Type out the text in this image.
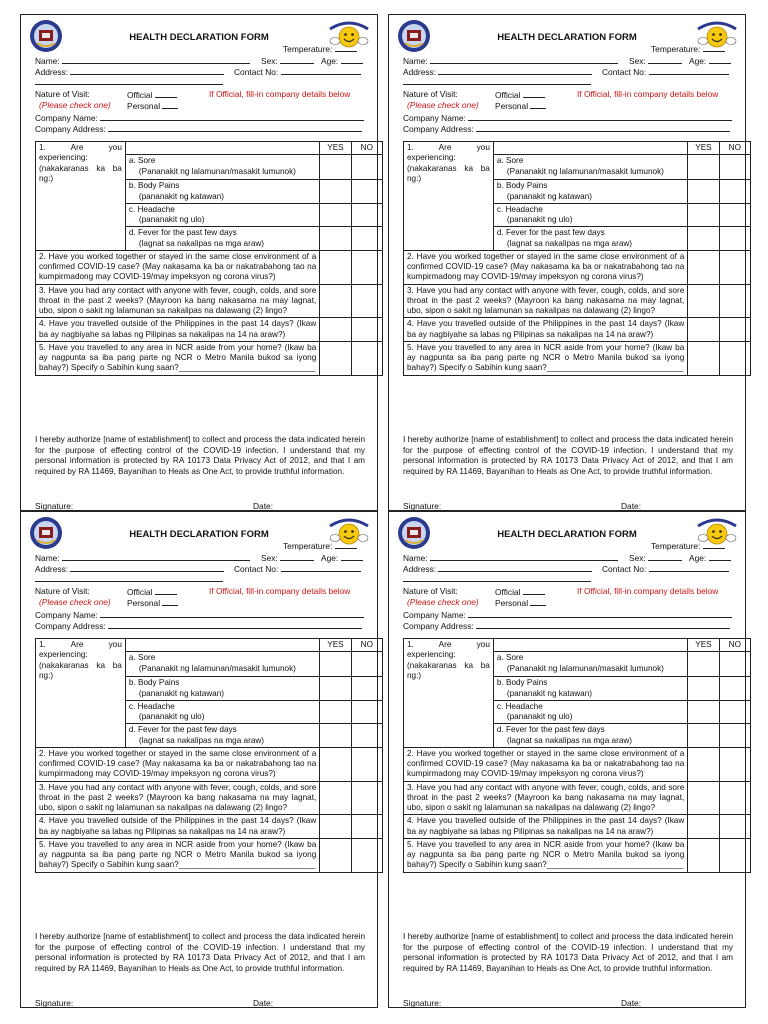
HEALTH DECLARATION FORM
Temperature:
Name:	Sex:	Age:
Address:	Contact No:
Nature of Visit:
(Please check one)
Official
Personal
If Official, fill-in company details below
Company Name:
Company Address:
1. Are you experiencing: (nakakaranas ka ba ng:)		YES	NO
	a. Sore
(Pananakit ng lalamunan/masakit lumunok)		

	b. Body Pains
(pananakit ng katawan)		

	c. Headache
(pananakit ng ulo)		

	d. Fever for the past few days
(lagnat sa nakalipas na mga araw)		

2. Have you worked together or stayed in the same close environment of a confirmed COVID-19 case? (May nakasama ka ba or nakatrabahong tao na kumpirmadong may COVID-19/may impeksyon ng corona virus?)			
3. Have you had any contact with anyone with fever, cough, colds, and sore throat in the past 2 weeks? (Mayroon ka bang nakasama na may lagnat, ubo, sipon o sakit ng lalamunan sa nakalipas na dalawang (2) lingo?			
4. Have you travelled outside of the Philippines in the past 14 days? (Ikaw ba ay nagbiyahe sa labas ng Pilipinas sa nakalipas na 14 na araw?)			
5. Have you travelled to any area in NCR aside from your home? (Ikaw ba ay nagpunta sa iba pang parte ng NCR o Metro Manila bukod sa iyong bahay?) Specify o Sabihin kung saan?______________________________			
I hereby authorize [name of establishment] to collect and process the data indicated herein for the purpose of effecting control of the COVID-19 infection. I understand that my personal information is protected by RA 10173 Data Privacy Act of 2012, and that I am required by RA 11469, Bayanihan to Heals as One Act, to provide truthful information.
Signature:	Date:
HEALTH DECLARATION FORM
Temperature:
Name:	Sex:	Age:
Address:	Contact No:
Nature of Visit:
(Please check one)
Official
Personal
If Official, fill-in company details below
Company Name:
Company Address:
1. Are you experiencing: (nakakaranas ka ba ng:)		YES	NO
	a. Sore
(Pananakit ng lalamunan/masakit lumunok)		

	b. Body Pains
(pananakit ng katawan)		

	c. Headache
(pananakit ng ulo)		

	d. Fever for the past few days
(lagnat sa nakalipas na mga araw)		

2. Have you worked together or stayed in the same close environment of a confirmed COVID-19 case? (May nakasama ka ba or nakatrabahong tao na kumpirmadong may COVID-19/may impeksyon ng corona virus?)			
3. Have you had any contact with anyone with fever, cough, colds, and sore throat in the past 2 weeks? (Mayroon ka bang nakasama na may lagnat, ubo, sipon o sakit ng lalamunan sa nakalipas na dalawang (2) lingo?			
4. Have you travelled outside of the Philippines in the past 14 days? (Ikaw ba ay nagbiyahe sa labas ng Pilipinas sa nakalipas na 14 na araw?)			
5. Have you travelled to any area in NCR aside from your home? (Ikaw ba ay nagpunta sa iba pang parte ng NCR o Metro Manila bukod sa iyong bahay?) Specify o Sabihin kung saan?______________________________			
I hereby authorize [name of establishment] to collect and process the data indicated herein for the purpose of effecting control of the COVID-19 infection. I understand that my personal information is protected by RA 10173 Data Privacy Act of 2012, and that I am required by RA 11469, Bayanihan to Heals as One Act, to provide truthful information.
Signature:	Date:
HEALTH DECLARATION FORM
Temperature:
Name:	Sex:	Age:
Address:	Contact No:
Nature of Visit:
(Please check one)
Official
Personal
If Official, fill-in company details below
Company Name:
Company Address:
1. Are you experiencing: (nakakaranas ka ba ng:)		YES	NO
	a. Sore
(Pananakit ng lalamunan/masakit lumunok)		

	b. Body Pains
(pananakit ng katawan)		

	c. Headache
(pananakit ng ulo)		

	d. Fever for the past few days
(lagnat sa nakalipas na mga araw)		

2. Have you worked together or stayed in the same close environment of a confirmed COVID-19 case? (May nakasama ka ba or nakatrabahong tao na kumpirmadong may COVID-19/may impeksyon ng corona virus?)			
3. Have you had any contact with anyone with fever, cough, colds, and sore throat in the past 2 weeks? (Mayroon ka bang nakasama na may lagnat, ubo, sipon o sakit ng lalamunan sa nakalipas na dalawang (2) lingo?			
4. Have you travelled outside of the Philippines in the past 14 days? (Ikaw ba ay nagbiyahe sa labas ng Pilipinas sa nakalipas na 14 na araw?)			
5. Have you travelled to any area in NCR aside from your home? (Ikaw ba ay nagpunta sa iba pang parte ng NCR o Metro Manila bukod sa iyong bahay?) Specify o Sabihin kung saan?______________________________			
I hereby authorize [name of establishment] to collect and process the data indicated herein for the purpose of effecting control of the COVID-19 infection. I understand that my personal information is protected by RA 10173 Data Privacy Act of 2012, and that I am required by RA 11469, Bayanihan to Heals as One Act, to provide truthful information.
Signature:	Date:
HEALTH DECLARATION FORM
Temperature:
Name:	Sex:	Age:
Address:	Contact No:
Nature of Visit:
(Please check one)
Official
Personal
If Official, fill-in company details below
Company Name:
Company Address:
1. Are you experiencing: (nakakaranas ka ba ng:)		YES	NO
	a. Sore
(Pananakit ng lalamunan/masakit lumunok)		

	b. Body Pains
(pananakit ng katawan)		

	c. Headache
(pananakit ng ulo)		

	d. Fever for the past few days
(lagnat sa nakalipas na mga araw)		

2. Have you worked together or stayed in the same close environment of a confirmed COVID-19 case? (May nakasama ka ba or nakatrabahong tao na kumpirmadong may COVID-19/may impeksyon ng corona virus?)			
3. Have you had any contact with anyone with fever, cough, colds, and sore throat in the past 2 weeks? (Mayroon ka bang nakasama na may lagnat, ubo, sipon o sakit ng lalamunan sa nakalipas na dalawang (2) lingo?			
4. Have you travelled outside of the Philippines in the past 14 days? (Ikaw ba ay nagbiyahe sa labas ng Pilipinas sa nakalipas na 14 na araw?)			
5. Have you travelled to any area in NCR aside from your home? (Ikaw ba ay nagpunta sa iba pang parte ng NCR o Metro Manila bukod sa iyong bahay?) Specify o Sabihin kung saan?______________________________			
I hereby authorize [name of establishment] to collect and process the data indicated herein for the purpose of effecting control of the COVID-19 infection. I understand that my personal information is protected by RA 10173 Data Privacy Act of 2012, and that I am required by RA 11469, Bayanihan to Heals as One Act, to provide truthful information.
Signature:	Date:
